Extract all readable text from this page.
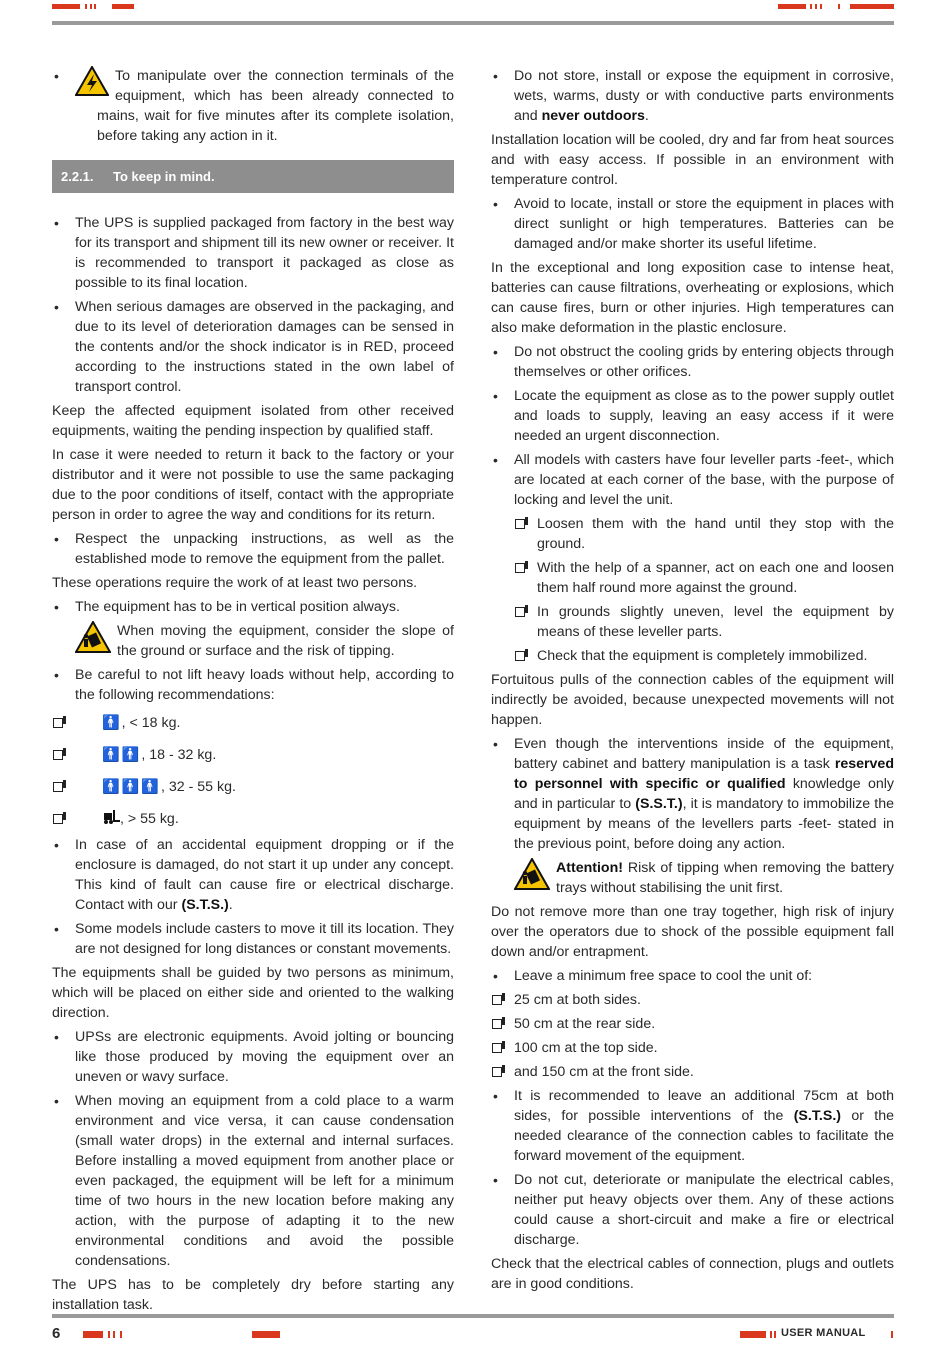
•	To manipulate over the connection terminals of the equipment, which has been already connected to mains, wait for five minutes after its complete isolation, before taking any action in it.
2.2.1. To keep in mind.
• The UPS is supplied packaged from factory in the best way for its transport and shipment till its new owner or receiver. It is recommended to transport it packaged as close as possible to its final location.
• When serious damages are observed in the packaging, and due to its level of deterioration damages can be sensed in the contents and/or the shock indicator is in RED, proceed according to the instructions stated in the own label of transport control.

Keep the affected equipment isolated from other received equipments, waiting the pending inspection by qualified staff.

In case it were needed to return it back to the factory or your distributor and it were not possible to use the same packaging due to the poor conditions of itself, contact with the appropriate person in order to agree the way and conditions for its return.

• Respect the unpacking instructions, as well as the established mode to remove the equipment from the pallet.

These operations require the work of at least two persons.

• The equipment has to be in vertical position always.
When moving the equipment, consider the slope of the ground or surface and the risk of tipping.
• Be careful to not lift heavy loads without help, according to the following recommendations:
🚹, < 18 kg.
🚹🚹, 18 - 32 kg.
🚹🚹🚹, 32 - 55 kg.
, > 55 kg.
• In case of an accidental equipment dropping or if the enclosure is damaged, do not start it up under any concept. This kind of fault can cause fire or electrical discharge. Contact with our (S.T.S.).
• Some models include casters to move it till its location. They are not designed for long distances or constant movements.

The equipments shall be guided by two persons as minimum, which will be placed on either side and oriented to the walking direction.

• UPSs are electronic equipments. Avoid jolting or bouncing like those produced by moving the equipment over an uneven or wavy surface.
• When moving an equipment from a cold place to a warm environment and vice versa, it can cause condensation (small water drops) in the external and internal surfaces. Before installing a moved equipment from another place or even packaged, the equipment will be left for a minimum time of two hours in the new location before making any action, with the purpose of adapting it to the new environmental conditions and avoid the possible condensations.

The UPS has to be completely dry before starting any installation task.

• Do not store, install or expose the equipment in corrosive, wets, warms, dusty or with conductive parts environments and never outdoors.

Installation location will be cooled, dry and far from heat sources and with easy access. If possible in an environment with temperature control.

• Avoid to locate, install or store the equipment in places with direct sunlight or high temperatures. Batteries can be damaged and/or make shorter its useful lifetime.

In the exceptional and long exposition case to intense heat, batteries can cause filtrations, overheating or explosions, which can cause fires, burn or other injuries. High temperatures can also make deformation in the plastic enclosure.

• Do not obstruct the cooling grids by entering objects through themselves or other orifices.
• Locate the equipment as close as to the power supply outlet and loads to supply, leaving an easy access if it were needed an urgent disconnection.
• All models with casters have four leveller parts -feet-, which are located at each corner of the base, with the purpose of locking and level the unit.
Loosen them with the hand until they stop with the ground.
With the help of a spanner, act on each one and loosen them half round more against the ground.
In grounds slightly uneven, level the equipment by means of these leveller parts.
Check that the equipment is completely immobilized.

Fortuitous pulls of the connection cables of the equipment will indirectly be avoided, because unexpected movements will not happen.

• Even though the interventions inside of the equipment, battery cabinet and battery manipulation is a task reserved to personnel with specific or qualified knowledge only and in particular to (S.S.T.), it is mandatory to immobilize the equipment by means of the levellers parts -feet- stated in the previous point, before doing any action.
Attention! Risk of tipping when removing the battery trays without stabilising the unit first.

Do not remove more than one tray together, high risk of injury over the operators due to shock of the possible equipment fall down and/or entrapment.

• Leave a minimum free space to cool the unit of:
25 cm at both sides.
50 cm at the rear side.
100 cm at the top side.
and 150 cm at the front side.
• It is recommended to leave an additional 75cm at both sides, for possible interventions of the (S.T.S.) or the needed clearance of the connection cables to facilitate the forward movement of the equipment.
• Do not cut, deteriorate or manipulate the electrical cables, neither put heavy objects over them. Any of these actions could cause a short-circuit and make a fire or electrical discharge.

Check that the electrical cables of connection, plugs and outlets are in good conditions.

6	USER MANUAL
